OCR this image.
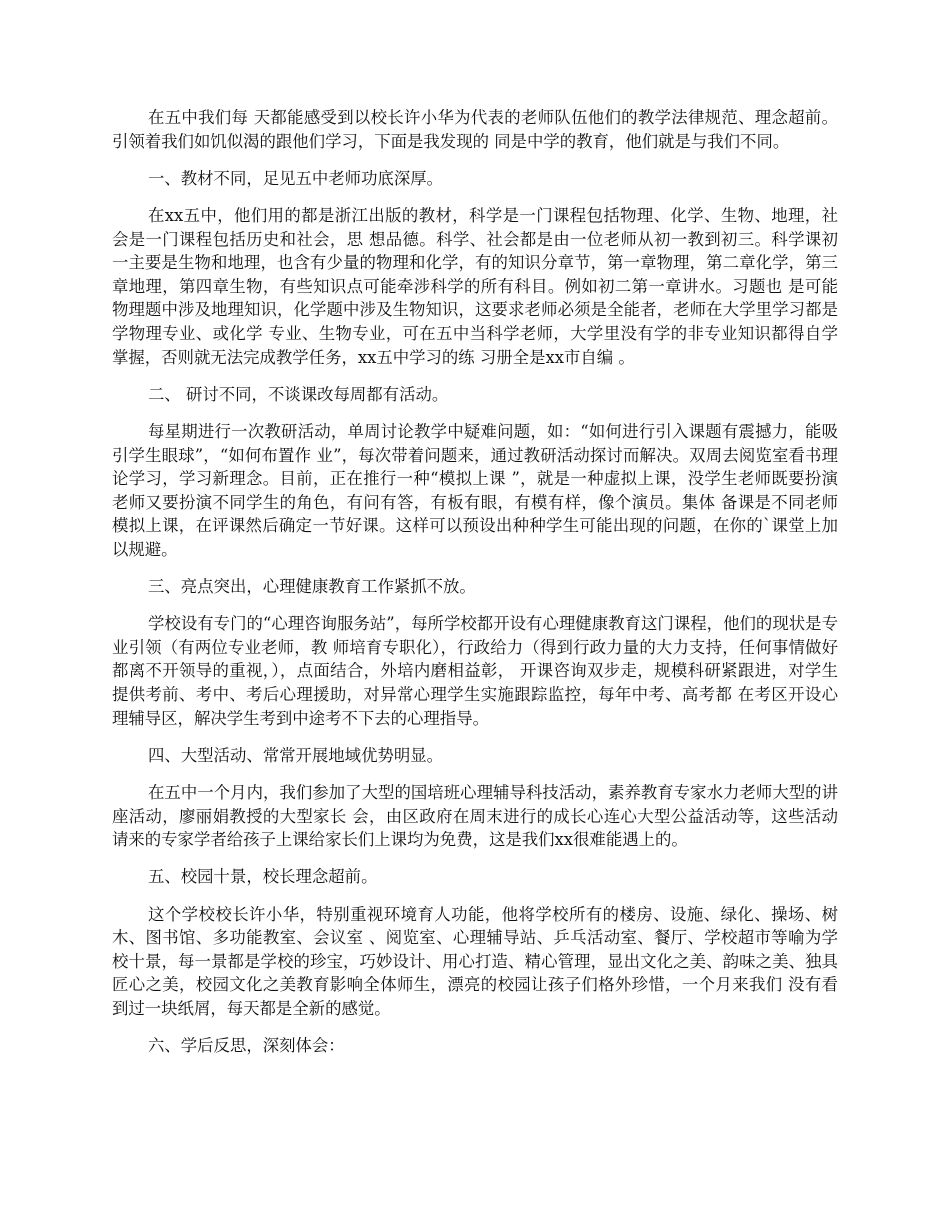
在五中我们每 天都能感受到以校长许小华为代表的老师队伍他们的教学法律规范、理念超前。引领着我们如饥似渴的跟他们学习，下面是我发现的 同是中学的教育，他们就是与我们不同。

一、教材不同，足见五中老师功底深厚。

在xx五中，他们用的都是浙江出版的教材，科学是一门课程包括物理、化学、生物、地理，社会是一门课程包括历史和社会，思 想品德。科学、社会都是由一位老师从初一教到初三。科学课初一主要是生物和地理，也含有少量的物理和化学，有的知识分章节，第一章物理，第二章化学，第三章地理，第四章生物，有些知识点可能牵涉科学的所有科目。例如初二第一章讲水。习题也 是可能物理题中涉及地理知识，化学题中涉及生物知识，这要求老师必须是全能者，老师在大学里学习都是学物理专业、或化学 专业、生物专业，可在五中当科学老师，大学里没有学的非专业知识都得自学掌握，否则就无法完成教学任务，xx五中学习的练 习册全是xx市自编 。

二、 研讨不同，不谈课改每周都有活动。

每星期进行一次教研活动，单周讨论教学中疑难问题，如：“如何进行引入课题有震撼力，能吸引学生眼球”，“如何布置作 业”，每次带着问题来，通过教研活动探讨而解决。双周去阅览室看书理论学习，学习新理念。目前，正在推行一种“模拟上课 ”，就是一种虚拟上课，没学生老师既要扮演老师又要扮演不同学生的角色，有问有答，有板有眼，有模有样，像个演员。集体 备课是不同老师模拟上课，在评课然后确定一节好课。这样可以预设出种种学生可能出现的问题，在你的`课堂上加以规避。

三、亮点突出，心理健康教育工作紧抓不放。

学校设有专门的“心理咨询服务站”，每所学校都开设有心理健康教育这门课程，他们的现状是专业引领（有两位专业老师，教 师培育专职化），行政给力（得到行政力量的大力支持，任何事情做好都离不开领导的重视，），点面结合，外培内磨相益彰， 开课咨询双步走，规模科研紧跟进，对学生提供考前、考中、考后心理援助，对异常心理学生实施跟踪监控，每年中考、高考都 在考区开设心理辅导区，解决学生考到中途考不下去的心理指导。

四、大型活动、常常开展地域优势明显。

在五中一个月内，我们参加了大型的国培班心理辅导科技活动，素养教育专家水力老师大型的讲座活动，廖丽娟教授的大型家长 会，由区政府在周末进行的成长心连心大型公益活动等，这些活动请来的专家学者给孩子上课给家长们上课均为免费，这是我们xx很难能遇上的。

五、校园十景，校长理念超前。

这个学校校长许小华，特别重视环境育人功能，他将学校所有的楼房、设施、绿化、操场、树木、图书馆、多功能教室、会议室 、阅览室、心理辅导站、乒乓活动室、餐厅、学校超市等喻为学校十景，每一景都是学校的珍宝，巧妙设计、用心打造、精心管理，显出文化之美、韵味之美、独具匠心之美，校园文化之美教育影响全体师生，漂亮的校园让孩子们格外珍惜，一个月来我们 没有看到过一块纸屑，每天都是全新的感觉。

六、学后反思，深刻体会：
